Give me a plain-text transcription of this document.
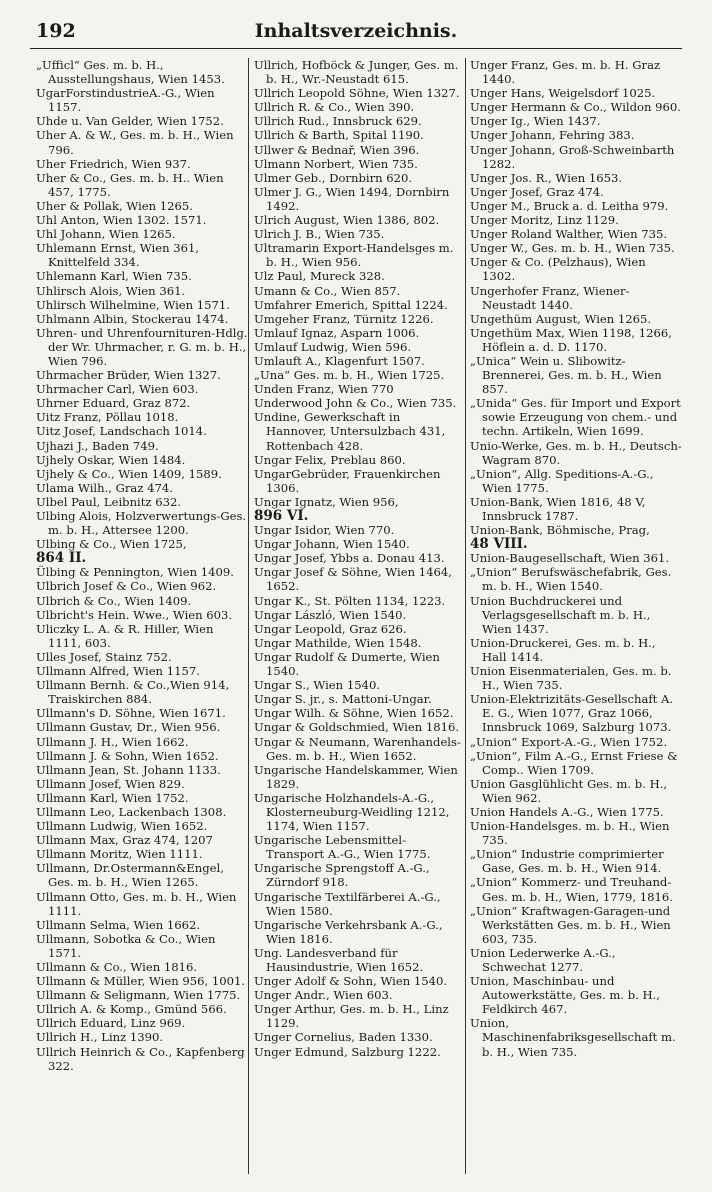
192	Inhaltsverzeichnis.

„Ufficl“ Ges. m. b. H., Ausstellungshaus, Wien 1453.

UgarForstindustrieA.-G., Wien 1157.

Uhde u. Van Gelder, Wien 1752.

Uher A. & W., Ges. m. b. H., Wien 796.

Uher Friedrich, Wien 937.

Uher & Co., Ges. m. b. H.. Wien 457, 1775.

Uher & Pollak, Wien 1265.

Uhl Anton, Wien 1302. 1571.

Uhl Johann, Wien 1265.

Uhlemann Ernst, Wien 361, Knittelfeld 334.

Uhlemann Karl, Wien 735.

Uhlirsch Alois, Wien 361.

Uhlirsch Wilhelmine, Wien 1571.

Uhlmann Albin, Stockerau 1474.

Uhren- und Uhrenfournituren-Hdlg. der Wr. Uhrmacher, r. G. m. b. H., Wien 796.

Uhrmacher Brüder, Wien 1327.

Uhrmacher Carl, Wien 603.

Uhrner Eduard, Graz 872.

Uitz Franz, Pöllau 1018.

Uitz Josef, Landschach 1014.

Ujhazi J., Baden 749.

Ujhely Oskar, Wien 1484.

Ujhely & Co., Wien 1409, 1589.

Ulama Wilh., Graz 474.

Ulbel Paul, Leibnitz 632.

Ulbing Alois, Holzverwertungs-Ges. m. b. H., Attersee 1200.

Ulbing & Co., Wien 1725,

864 II.

Ülbing & Pennington, Wien 1409.

Ulbrich Josef & Co., Wien 962.

Ulbrich & Co., Wien 1409.

Ulbricht's Hein. Wwe., Wien 603.

Uliczky L. A. & R. Hiller, Wien 1111, 603.

Ulles Josef, Stainz 752.

Ullmann Alfred, Wien 1157.

Ullmann Bernh. & Co.,Wien 914, Traiskirchen 884.

Ullmann's D. Söhne, Wien 1671.

Ullmann Gustav, Dr., Wien 956.

Ullmann J. H., Wien 1662.

Ullmann J. & Sohn, Wien 1652.

Ullmann Jean, St. Johann 1133.

Ullmann Josef, Wien 829.

Ullmann Karl, Wien 1752.

Ullmann Leo, Lackenbach 1308.

Ullmann Ludwig, Wien 1652.

Ullmann Max, Graz 474, 1207

Ullmann Moritz, Wien 1111.

Ullmann, Dr.Ostermann&Engel, Ges. m. b. H., Wien 1265.

Ullmann Otto, Ges. m. b. H., Wien 1111.

Ullmann Selma, Wien 1662.

Ullmann, Sobotka & Co., Wien 1571.

Ullmann & Co., Wien 1816.

Ullmann & Müller, Wien 956, 1001.

Ullmann & Seligmann, Wien 1775.

Ullrich A. & Komp., Gmünd 566.

Ullrich Eduard, Linz 969.

Ullrich H., Linz 1390.

Ullrich Heinrich & Co., Kapfenberg 322.

Ullrich, Hofböck & Junger, Ges. m. b. H., Wr.-Neustadt 615.

Ullrich Leopold Söhne, Wien 1327.

Ullrich R. & Co., Wien 390.

Ullrich Rud., Innsbruck 629.

Ullrich & Barth, Spital 1190.

Ullwer & Bednař, Wien 396.

Ulmann Norbert, Wien 735.

Ulmer Geb., Dornbirn 620.

Ulmer J. G., Wien 1494, Dornbirn 1492.

Ulrich August, Wien 1386, 802.

Ulrich J. B., Wien 735.

Ultramarin Export-Handelsges m. b. H., Wien 956.

Ulz Paul, Mureck 328.

Umann & Co., Wien 857.

Umfahrer Emerich, Spittal 1224.

Umgeher Franz, Türnitz 1226.

Umlauf Ignaz, Asparn 1006.

Umlauf Ludwig, Wien 596.

Umlauft A., Klagenfurt 1507.

„Una“ Ges. m. b. H., Wien 1725.

Unden Franz, Wien 770

Underwood John & Co., Wien 735.

Undine, Gewerkschaft in Hannover, Untersulzbach 431, Rottenbach 428.

Ungar Felix, Preblau 860.

UngarGebrüder, Frauenkirchen 1306.

Ungar Ignatz, Wien 956,

896 VI.

Ungar Isidor, Wien 770.

Ungar Johann, Wien 1540.

Ungar Josef, Ybbs a. Donau 413.

Ungar Josef & Söhne, Wien 1464, 1652.

Ungar K., St. Pölten 1134, 1223.

Ungar László, Wien 1540.

Ungar Leopold, Graz 626.

Ungar Mathilde, Wien 1548.

Ungar Rudolf & Dumerte, Wien 1540.

Ungar S., Wien 1540.

Ungar S. jr., s. Mattoni-Ungar.

Ungar Wilh. & Söhne, Wien 1652.

Ungar & Goldschmied, Wien 1816.

Ungar & Neumann, Warenhandels-Ges. m. b. H., Wien 1652.

Ungarische Handelskammer, Wien 1829.

Ungarische Holzhandels-A.-G., Klosterneuburg-Weidling 1212, 1174, Wien 1157.

Ungarische Lebensmittel-Transport A.-G., Wien 1775.

Ungarische Sprengstoff A.-G., Zürndorf 918.

Ungarische Textilfärberei A.-G., Wien 1580.

Ungarische Verkehrsbank A.-G., Wien 1816.

Ung. Landesverband für Hausindustrie, Wien 1652.

Unger Adolf & Sohn, Wien 1540.

Unger Andr., Wien 603.

Unger Arthur, Ges. m. b. H., Linz 1129.

Unger Cornelius, Baden 1330.

Unger Edmund, Salzburg 1222.

Unger Franz, Ges. m. b. H. Graz 1440.

Unger Hans, Weigelsdorf 1025.

Unger Hermann & Co., Wildon 960.

Unger Ig., Wien 1437.

Unger Johann, Fehring 383.

Unger Johann, Groß-Schweinbarth 1282.

Unger Jos. R., Wien 1653.

Unger Josef, Graz 474.

Unger M., Bruck a. d. Leitha 979.

Unger Moritz, Linz 1129.

Unger Roland Walther, Wien 735.

Unger W., Ges. m. b. H., Wien 735.

Unger & Co. (Pelzhaus), Wien 1302.

Ungerhofer Franz, Wiener-Neustadt 1440.

Ungethüm August, Wien 1265.

Ungethüm Max, Wien 1198, 1266, Höflein a. d. D. 1170.

„Unica“ Wein u. Slibowitz-Brennerei, Ges. m. b. H., Wien 857.

„Unida“ Ges. für Import und Export sowie Erzeugung von chem.- und techn. Artikeln, Wien 1699.

Unio-Werke, Ges. m. b. H., Deutsch-Wagram 870.

„Union“, Allg. Speditions-A.-G., Wien 1775.

Union-Bank, Wien 1816, 48 V, Innsbruck 1787.

Union-Bank, Böhmische, Prag,

48 VIII.

Union-Baugesellschaft, Wien 361.

„Union“ Berufswäschefabrik, Ges. m. b. H., Wien 1540.

Union Buchdruckerei und Verlagsgesellschaft m. b. H., Wien 1437.

Union-Druckerei, Ges. m. b. H., Hall 1414.

Union Eisenmaterialen, Ges. m. b. H., Wien 735.

Union-Elektrizitäts-Gesellschaft A. E. G., Wien 1077, Graz 1066, Innsbruck 1069, Salzburg 1073.

„Union“ Export-A.-G., Wien 1752.

„Union“, Film A.-G., Ernst Friese & Comp.. Wien 1709.

Union Gasglühlicht Ges. m. b. H., Wien 962.

Union Handels A.-G., Wien 1775.

Union-Handelsges. m. b. H., Wien 735.

„Union“ Industrie comprimierter Gase, Ges. m. b. H., Wien 914.

„Union“ Kommerz- und Treuhand- Ges. m. b. H., Wien, 1779, 1816.

„Union“ Kraftwagen-Garagen-und Werkstätten Ges. m. b. H., Wien 603, 735.

Union Lederwerke A.-G., Schwechat 1277.

Union, Maschinbau- und Autowerkstätte, Ges. m. b. H., Feldkirch 467.

Union, Maschinenfabriksgesellschaft m. b. H., Wien 735.
